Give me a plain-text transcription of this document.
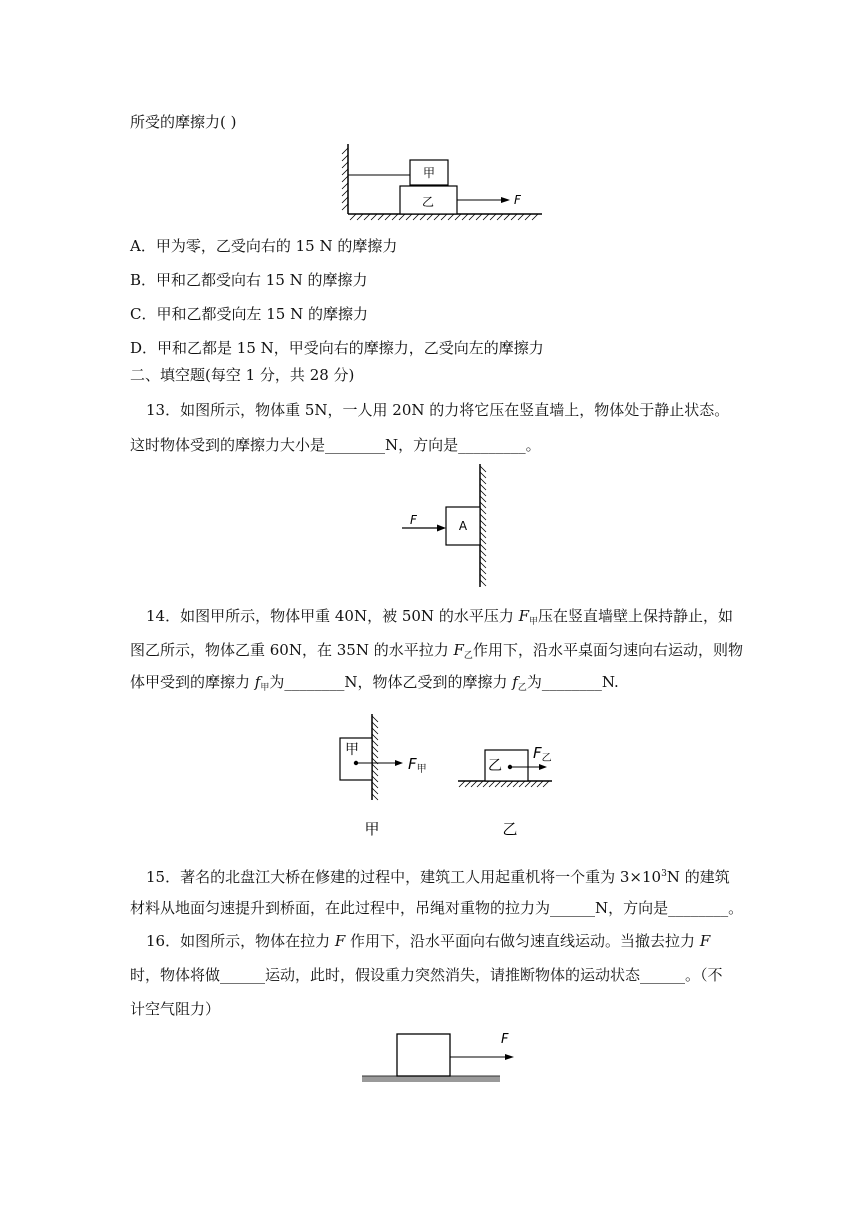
所受的摩擦力( )
甲
乙	F
A．甲为零，乙受向右的 15 N 的摩擦力
B．甲和乙都受向右 15 N 的摩擦力
C．甲和乙都受向左 15 N 的摩擦力
D．甲和乙都是 15 N，甲受向右的摩擦力，乙受向左的摩擦力
二、填空题(每空 1 分，共 28 分)
13．如图所示，物体重 5N，一人用 20N 的力将它压在竖直墙上，物体处于静止状态。
这时物体受到的摩擦力大小是________N，方向是_________。
A
F
14．如图甲所示，物体甲重 40N，被 50N 的水平压力 $F_甲$压在竖直墙壁上保持静止，如
图乙所示，物体乙重 60N，在 35N 的水平拉力 $F_乙$作用下，沿水平桌面匀速向右运动，则物
体甲受到的摩擦力 $f_甲$为________N，物体乙受到的摩擦力 $f_乙$为________N.
甲
$F_甲$
甲
乙
$F_乙$
乙
15．著名的北盘江大桥在修建的过程中，建筑工人用起重机将一个重为 $3\times 10^3N$ 的建筑
材料从地面匀速提升到桥面，在此过程中，吊绳对重物的拉力为______N，方向是________。
16．如图所示，物体在拉力 F 作用下，沿水平面向右做匀速直线运动。当撤去拉力 F
时，物体将做______运动，此时，假设重力突然消失，请推断物体的运动状态______。（不
计空气阻力）
F
